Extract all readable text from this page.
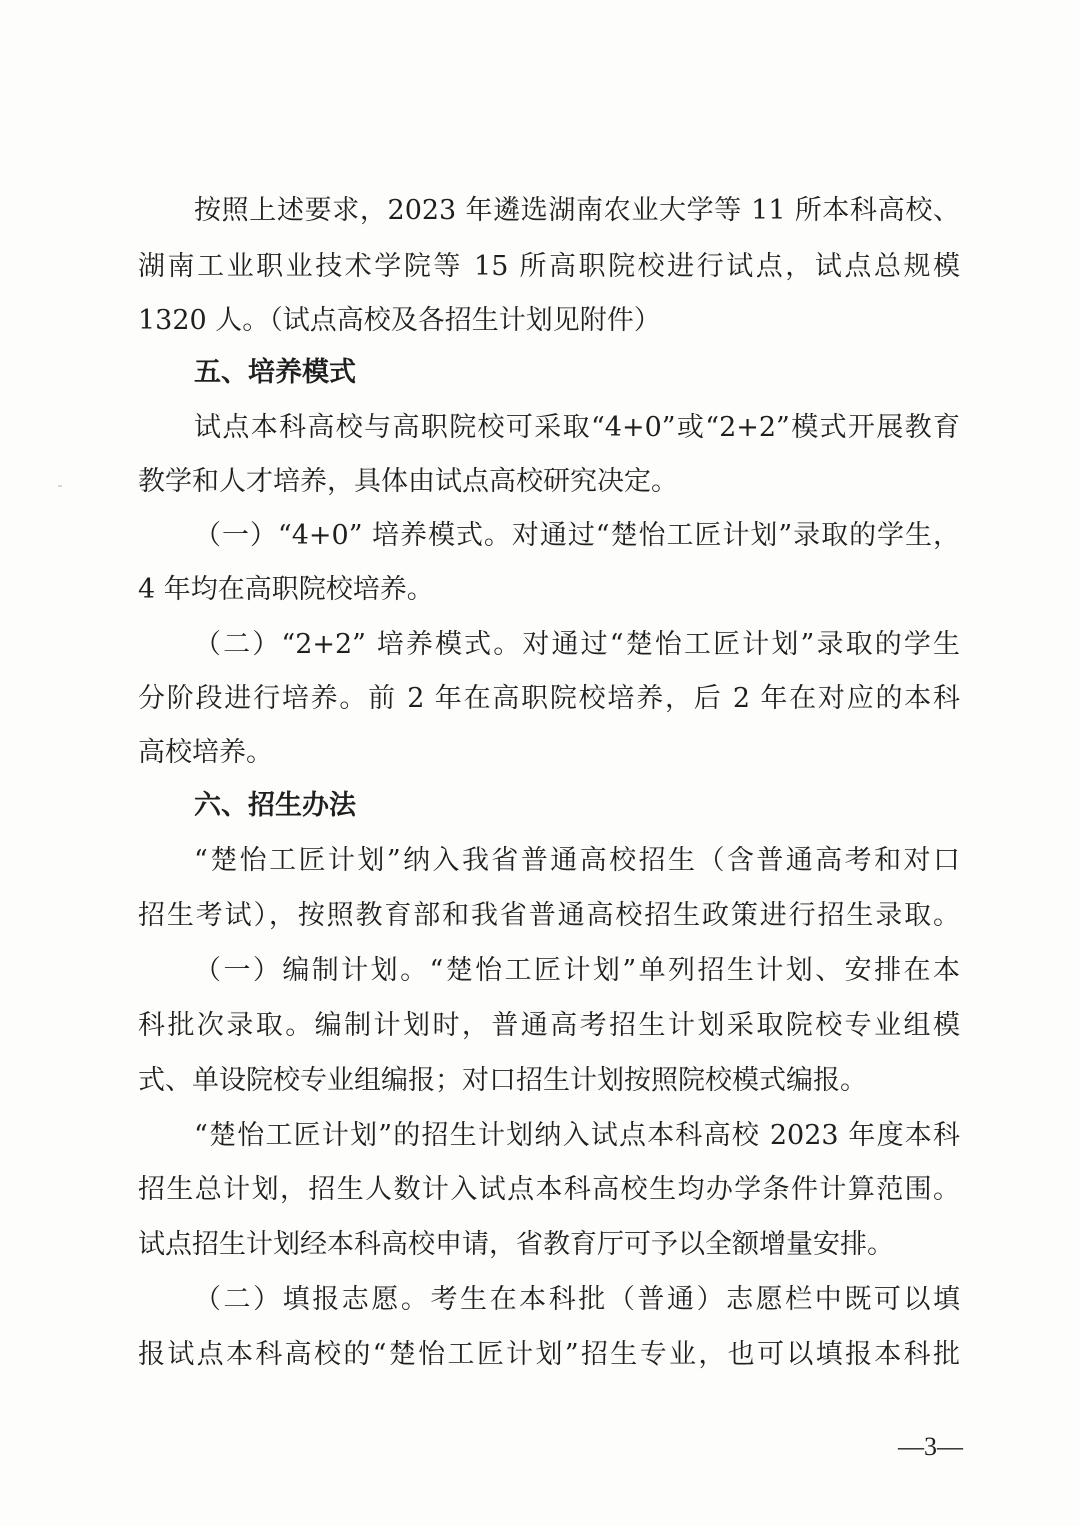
按照上述要求，2023 年遴选湖南农业大学等 11 所本科高校、
湖南工业职业技术学院等 15 所高职院校进行试点，试点总规模
1320 人。（试点高校及各招生计划见附件）
五、培养模式
试点本科高校与高职院校可采取“4+0”或“2+2”模式开展教育
教学和人才培养，具体由试点高校研究决定。
（一）“4+0” 培养模式。对通过“楚怡工匠计划”录取的学生，
4 年均在高职院校培养。
（二）“2+2” 培养模式。对通过“楚怡工匠计划”录取的学生
分阶段进行培养。前 2 年在高职院校培养，后 2 年在对应的本科
高校培养。
六、招生办法
“楚怡工匠计划”纳入我省普通高校招生（含普通高考和对口
招生考试），按照教育部和我省普通高校招生政策进行招生录取。
（一）编制计划。“楚怡工匠计划”单列招生计划、安排在本
科批次录取。编制计划时，普通高考招生计划采取院校专业组模
式、单设院校专业组编报；对口招生计划按照院校模式编报。
“楚怡工匠计划”的招生计划纳入试点本科高校 2023 年度本科
招生总计划，招生人数计入试点本科高校生均办学条件计算范围。
试点招生计划经本科高校申请，省教育厅可予以全额增量安排。
（二）填报志愿。考生在本科批（普通）志愿栏中既可以填
报试点本科高校的“楚怡工匠计划”招生专业，也可以填报本科批
—3—
